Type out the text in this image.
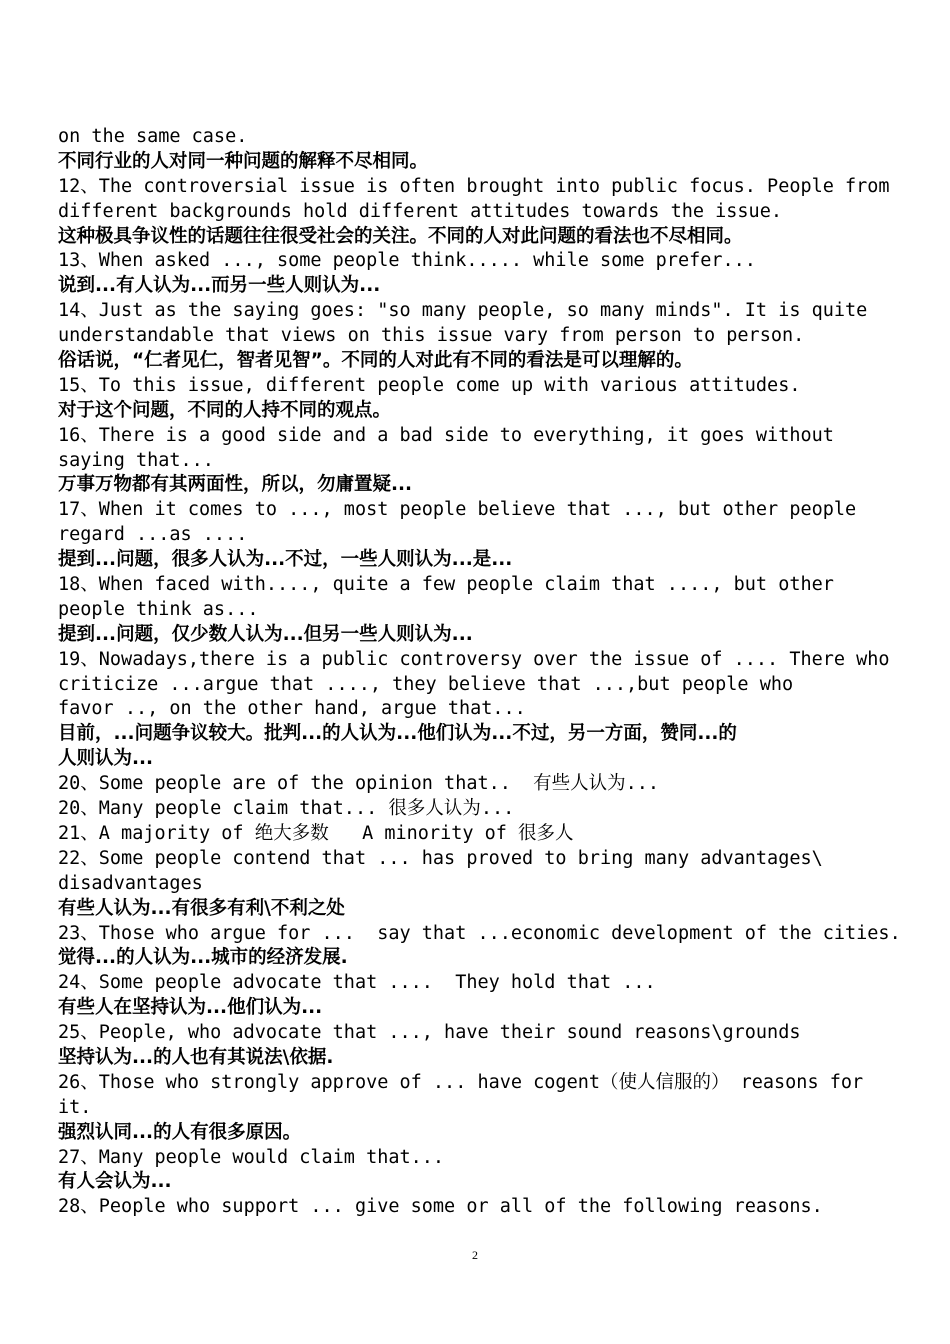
on the same case.
不同行业的人对同一种问题的解释不尽相同。
12、The controversial issue is often brought into public focus. People from
different backgrounds hold different attitudes towards the issue.
这种极具争议性的话题往往很受社会的关注。不同的人对此问题的看法也不尽相同。
13、When asked ..., some people think..... while some prefer...
说到...有人认为...而另一些人则认为...
14、Just as the saying goes: "so many people, so many minds". It is quite
understandable that views on this issue vary from person to person.
俗话说，“仁者见仁，智者见智”。不同的人对此有不同的看法是可以理解的。
15、To this issue, different people come up with various attitudes.
对于这个问题，不同的人持不同的观点。
16、There is a good side and a bad side to everything, it goes without
saying that...
万事万物都有其两面性，所以，勿庸置疑...
17、When it comes to ..., most people believe that ..., but other people
regard ...as ....
提到...问题，很多人认为...不过，一些人则认为...是...
18、When faced with...., quite a few people claim that ...., but other
people think as...
提到...问题，仅少数人认为...但另一些人则认为...
19、Nowadays,there is a public controversy over the issue of .... There who
criticize ...argue that ...., they believe that ...,but people who
favor .., on the other hand, argue that...
目前，...问题争议较大。批判...的人认为...他们认为...不过，另一方面，赞同...的
人则认为...
20、Some people are of the opinion that..  有些人认为...
20、Many people claim that... 很多人认为...
21、A majority of 绝大多数   A minority of 很多人
22、Some people contend that ... has proved to bring many advantages\
disadvantages
有些人认为...有很多有利\不利之处
23、Those who argue for ...  say that ...economic development of the cities.
觉得...的人认为...城市的经济发展.
24、Some people advocate that ....  They hold that ...
有些人在坚持认为...他们认为...
25、People, who advocate that ..., have their sound reasons\grounds
坚持认为...的人也有其说法\依据.
26、Those who strongly approve of ... have cogent（使人信服的） reasons for
it.
强烈认同...的人有很多原因。
27、Many people would claim that...
有人会认为...
28、People who support ... give some or all of the following reasons.
2
